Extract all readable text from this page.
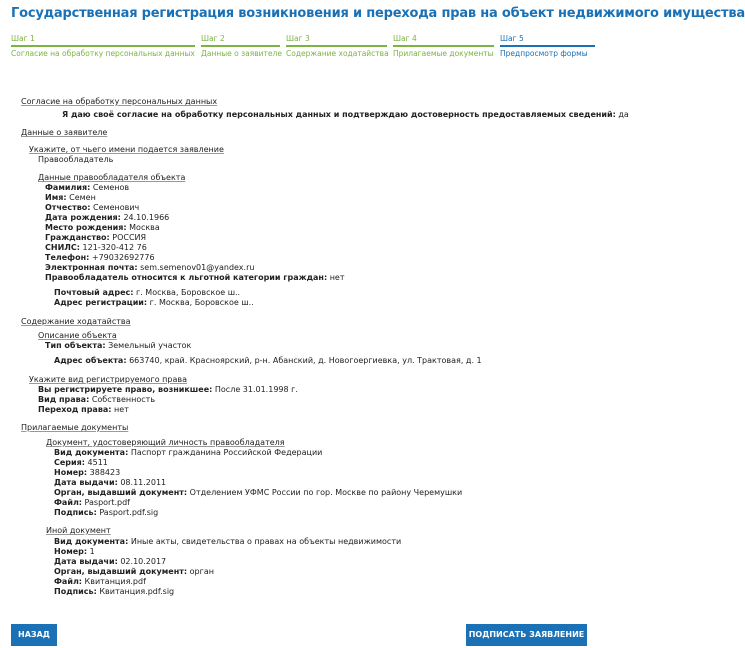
Государственная регистрация возникновения и перехода прав на объект недвижимого имущества
Шаг 1
Согласие на обработку персональных данных
Шаг 2
Данные о заявителе
Шаг 3
Содержание ходатайства
Шаг 4
Прилагаемые документы
Шаг 5
Предпросмотр формы
Согласие на обработку персональных данных
Я даю своё согласие на обработку персональных данных и подтверждаю достоверность предоставляемых сведений: да
Данные о заявителе
Укажите, от чьего имени подается заявление
Правообладатель
Данные правообладателя объекта
Фамилия: Семенов
Имя: Семен
Отчество: Семенович
Дата рождения: 24.10.1966
Место рождения: Москва
Гражданство: РОССИЯ
СНИЛС: 121-320-412 76
Телефон: +79032692776
Электронная почта: sem.semenov01@yandex.ru
Правообладатель относится к льготной категории граждан: нет
Почтовый адрес: г. Москва, Боровское ш..
Адрес регистрации: г. Москва, Боровское ш..
Содержание ходатайства
Описание объекта
Тип объекта: Земельный участок
Адрес объекта: 663740, край. Красноярский, р-н. Абанский, д. Новогоергиевка, ул. Трактовая, д. 1
Укажите вид регистрируемого права
Вы регистрируете право, возникшее: После 31.01.1998 г.
Вид права: Собственность
Переход права: нет
Прилагаемые документы
Документ, удостоверяющий личность правообладателя
Вид документа: Паспорт гражданина Российской Федерации
Серия: 4511
Номер: 388423
Дата выдачи: 08.11.2011
Орган, выдавший документ: Отделением УФМС России по гор. Москве по району Черемушки
Файл: Pasport.pdf
Подпись: Pasport.pdf.sig
Иной документ
Вид документа: Иные акты, свидетельства о правах на объекты недвижимости
Номер: 1
Дата выдачи: 02.10.2017
Орган, выдавший документ: орган
Файл: Квитанция.pdf
Подпись: Квитанция.pdf.sig
НАЗАД	ПОДПИСАТЬ ЗАЯВЛЕНИЕ
